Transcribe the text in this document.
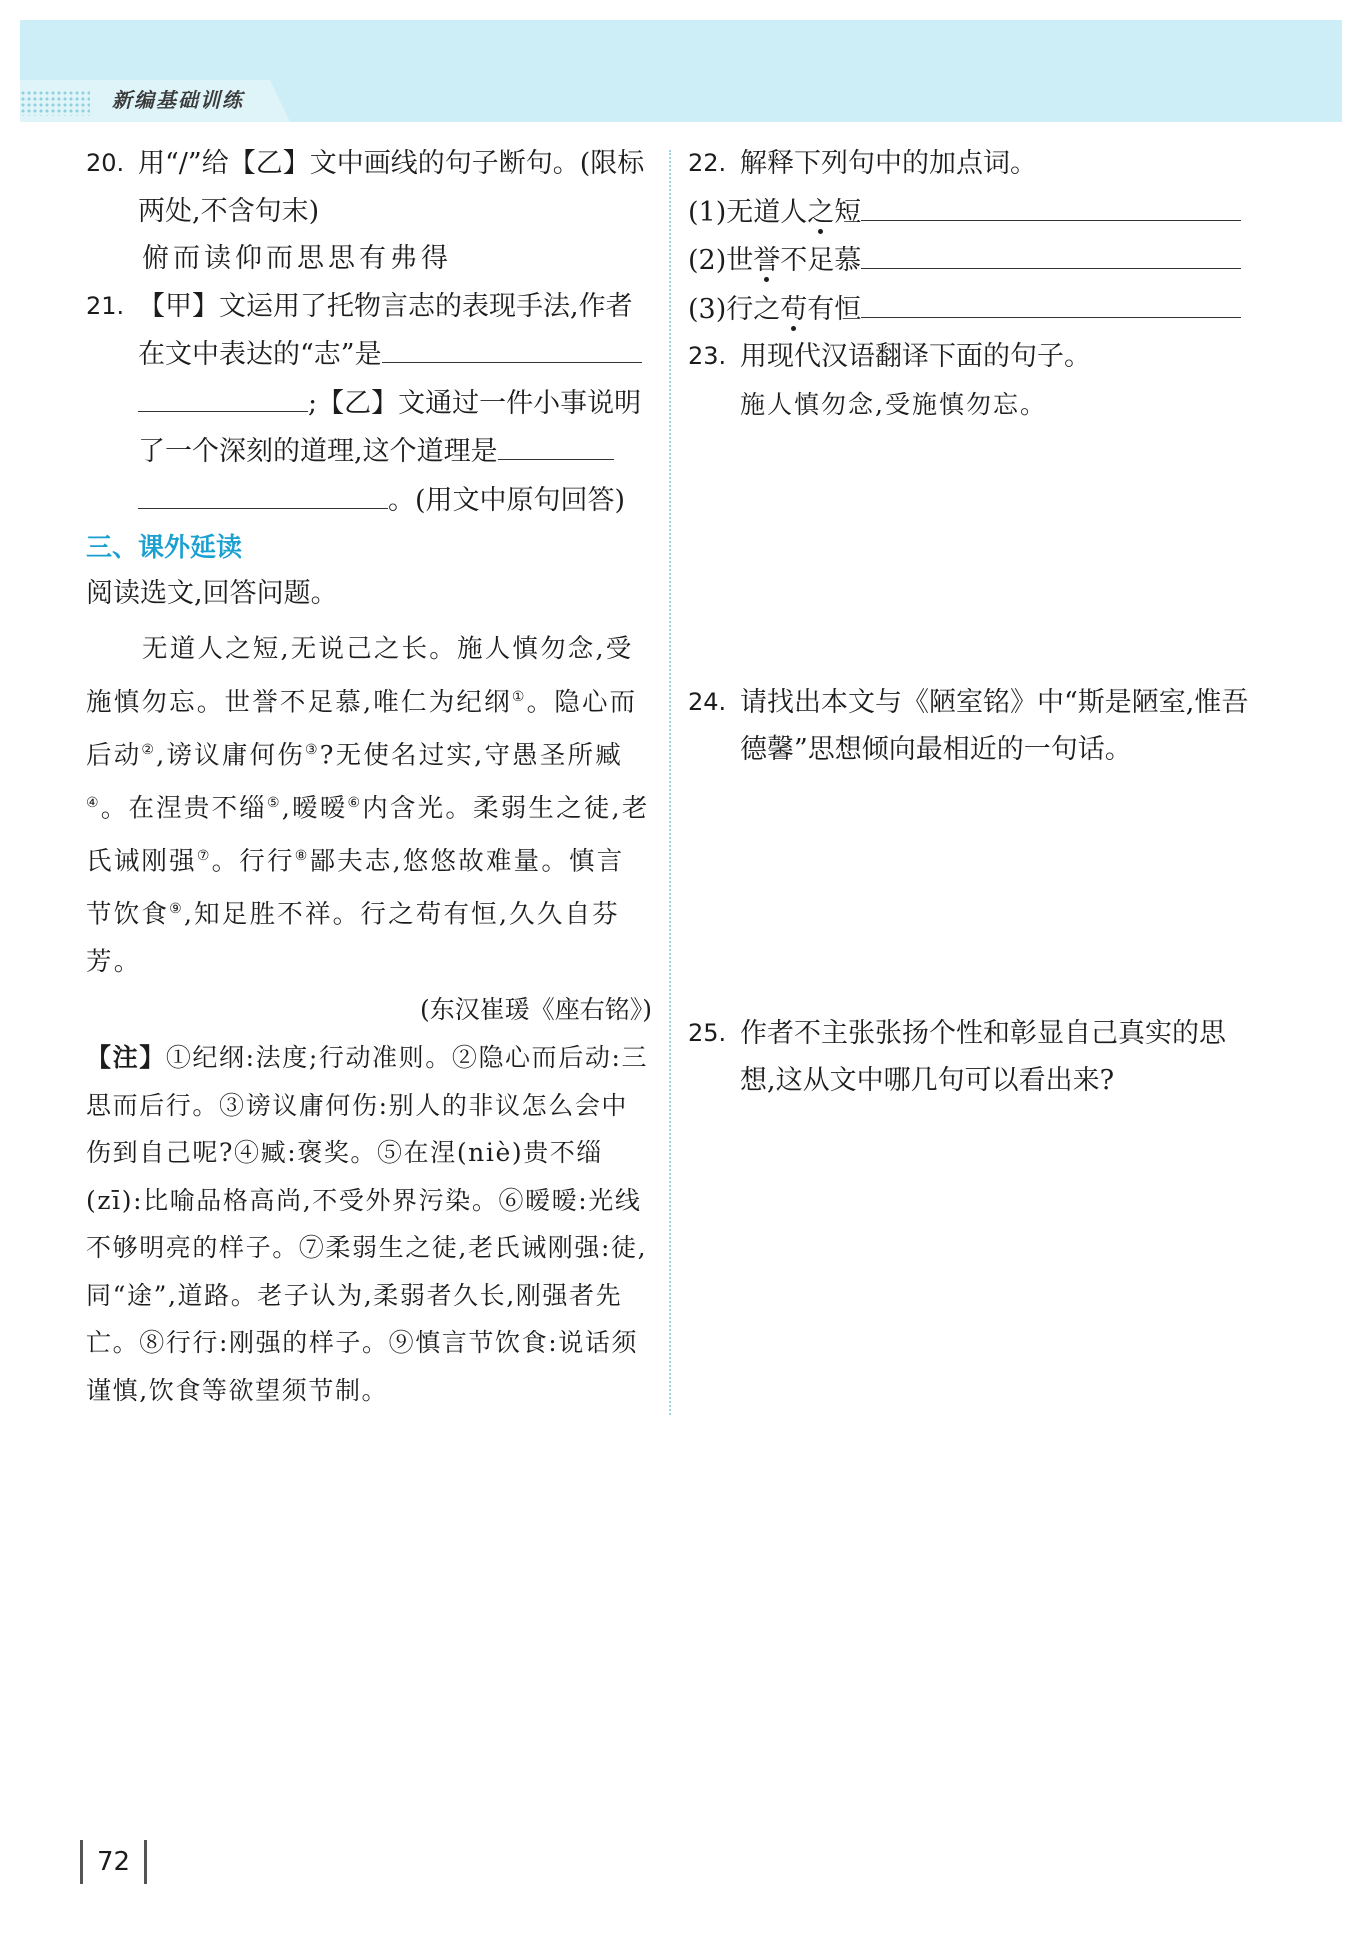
新编基础训练
20. 用“/”给【乙】文中画线的句子断句。(限标两处,不含句末)
俯而读仰而思思有弗得
21. 【甲】文运用了托物言志的表现手法,作者在文中表达的“志”是
;【乙】文通过一件小事说明了一个深刻的道理,这个道理是
。(用文中原句回答)
三、课外延读
阅读选文,回答问题。
无道人之短,无说己之长。施人慎勿念,受施慎勿忘。世誉不足慕,唯仁为纪纲①。隐心而后动②,谤议庸何伤③?无使名过实,守愚圣所臧④。在涅贵不缁⑤,暧暧⑥内含光。柔弱生之徒,老氏诫刚强⑦。行行⑧鄙夫志,悠悠故难量。慎言节饮食⑨,知足胜不祥。行之苟有恒,久久自芬芳。
(东汉崔瑗《座右铭》)
【注】①纪纲:法度;行动准则。②隐心而后动:三思而后行。③谤议庸何伤:别人的非议怎么会中伤到自己呢?④臧:褒奖。⑤在涅(niè)贵不缁(zī):比喻品格高尚,不受外界污染。⑥暧暧:光线不够明亮的样子。⑦柔弱生之徒,老氏诫刚强:徒,同“途”,道路。老子认为,柔弱者久长,刚强者先亡。⑧行行:刚强的样子。⑨慎言节饮食:说话须谨慎,饮食等欲望须节制。
22. 解释下列句中的加点词。
(1)无道人之短
(2)世誉不足慕
(3)行之苟有恒
23. 用现代汉语翻译下面的句子。
施人慎勿念,受施慎勿忘。
24. 请找出本文与《陋室铭》中“斯是陋室,惟吾德馨”思想倾向最相近的一句话。
25. 作者不主张张扬个性和彰显自己真实的思想,这从文中哪几句可以看出来?
72
